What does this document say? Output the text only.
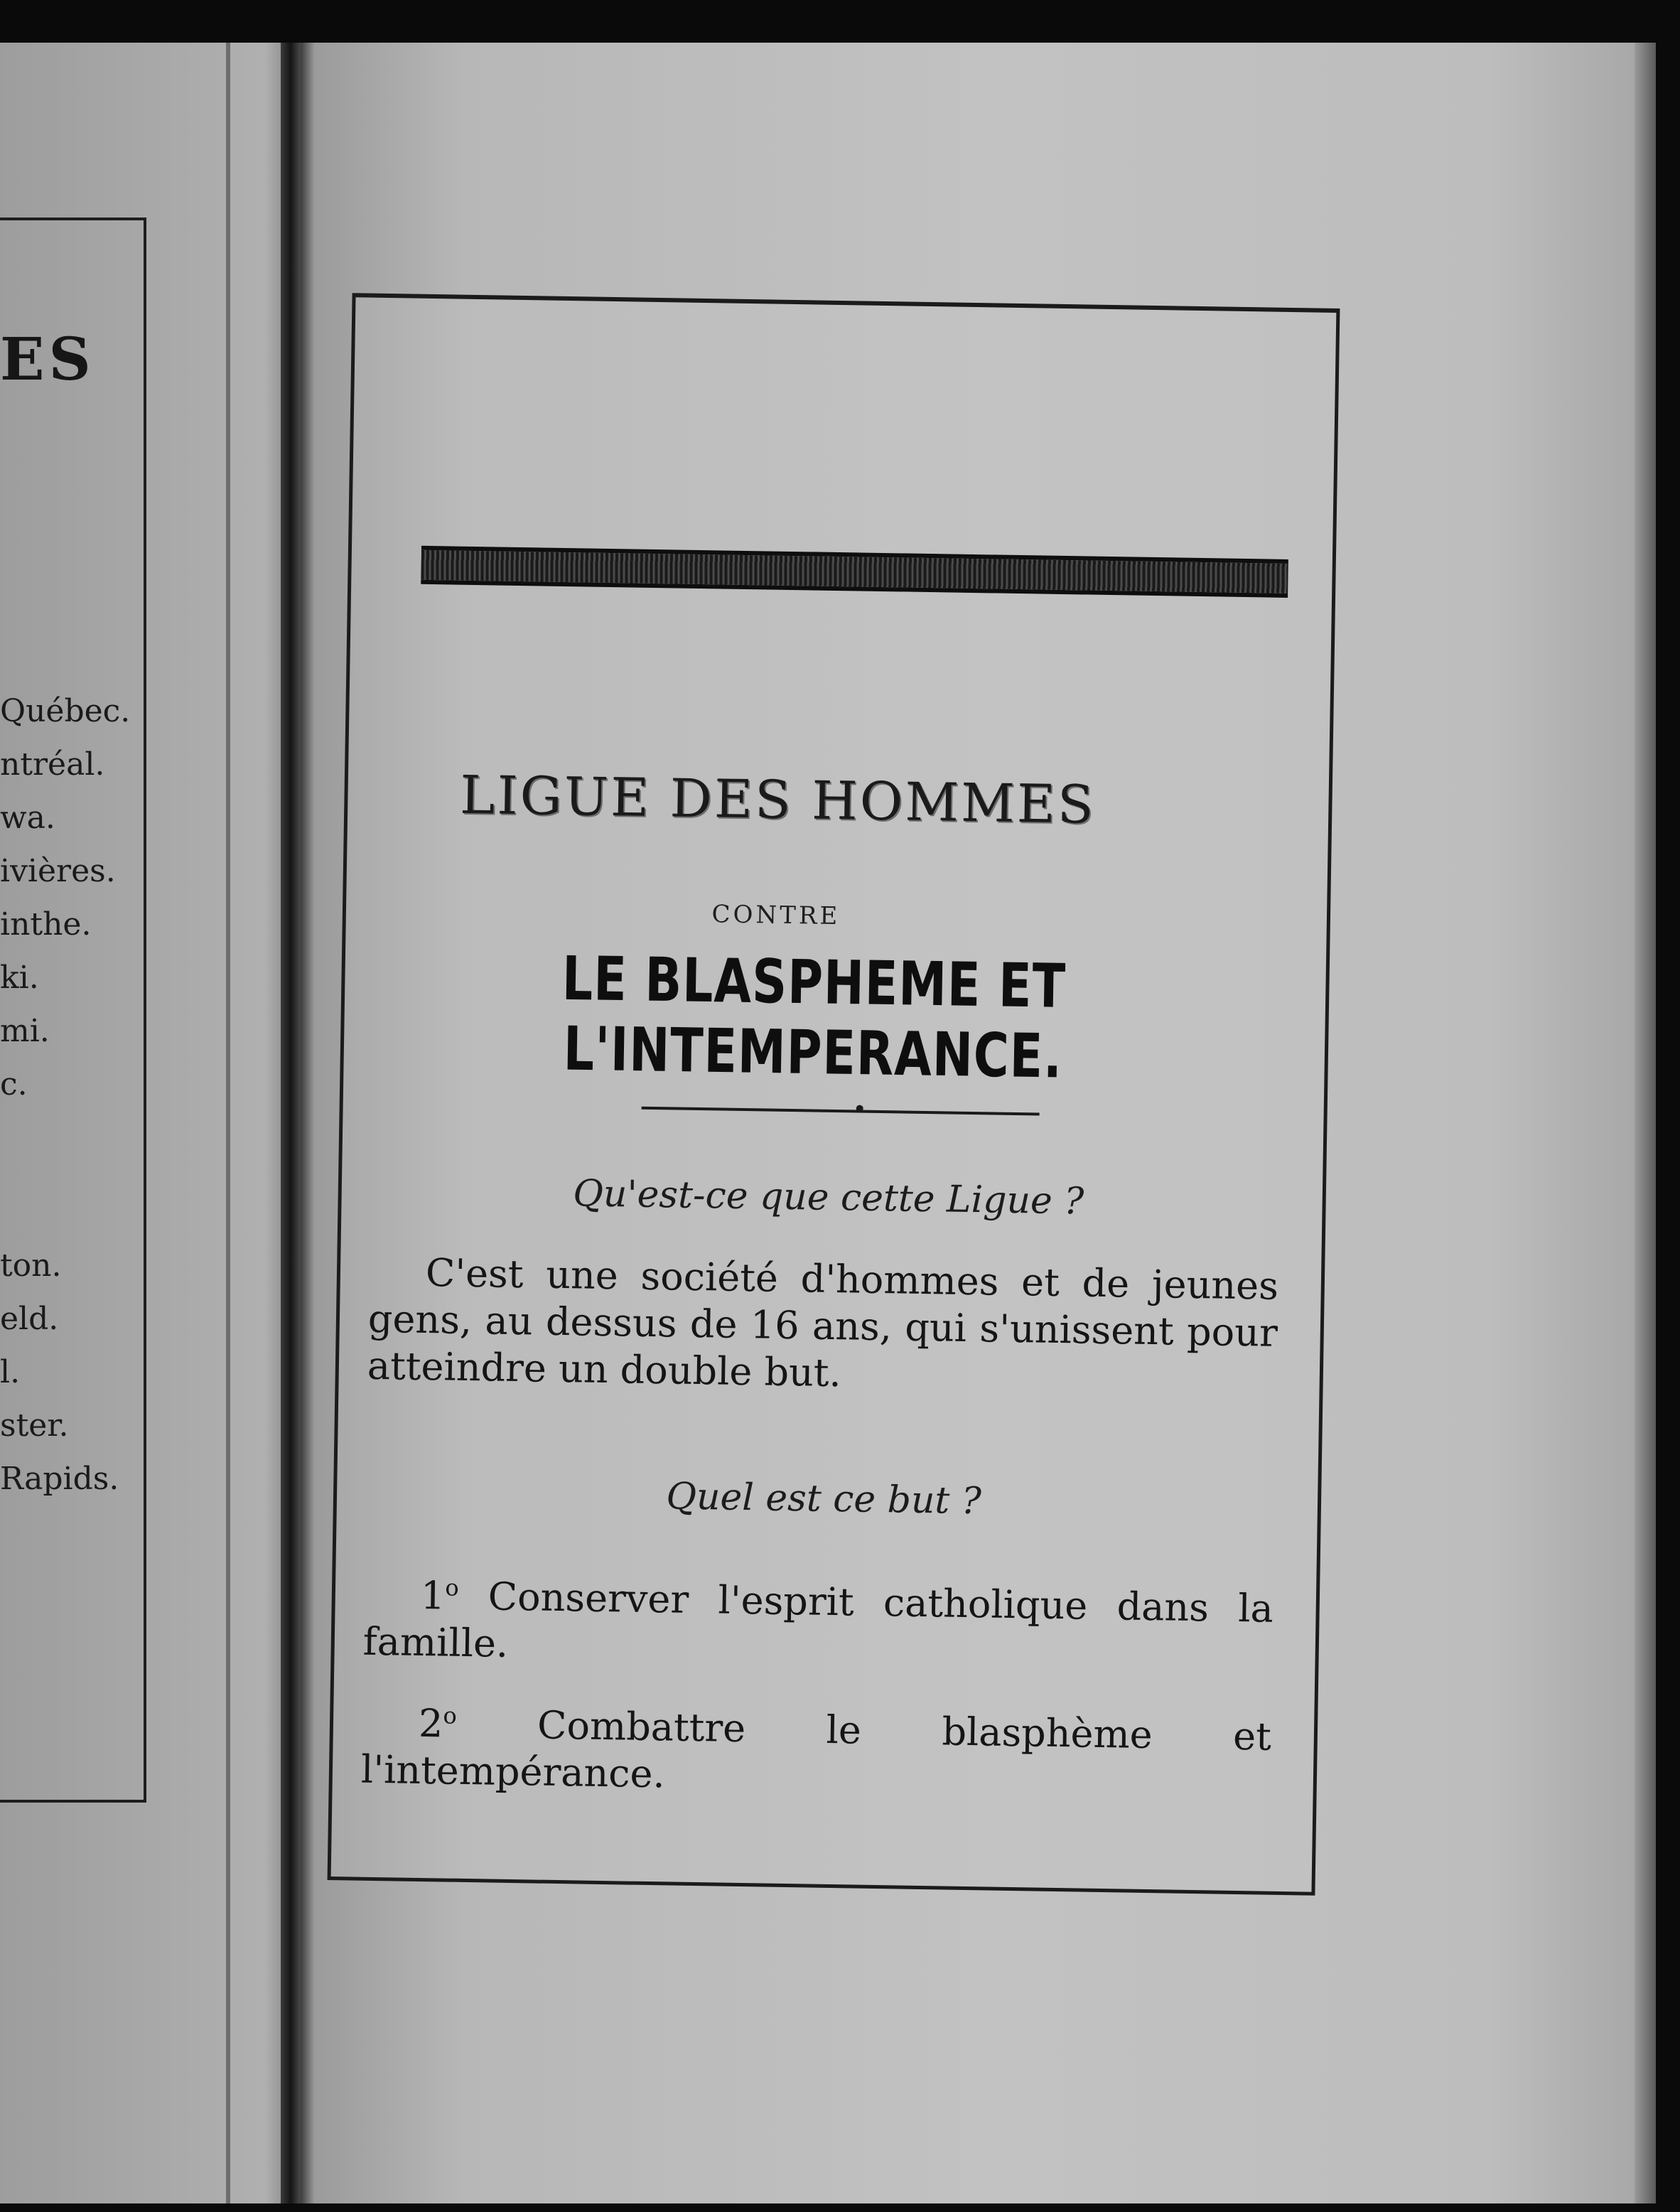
ES
Québec.
ntréal.
wa.
ivières.
inthe.
ki.
mi.
c.
ton.
eld.
l.
ster.
Rapids.
LIGUE DES HOMMES
CONTRE
LE BLASPHEME ET L'INTEMPERANCE.
Qu'est-ce que cette Ligue ?
C'est une société d'hommes et de jeunes gens, au dessus de 16 ans, qui s'unissent pour atteindre un double but.
Quel est ce but ?
1$^o$ Conserver l'esprit catholique dans la famille.
2$^o$ Combattre le blasphème et l'intempérance.
